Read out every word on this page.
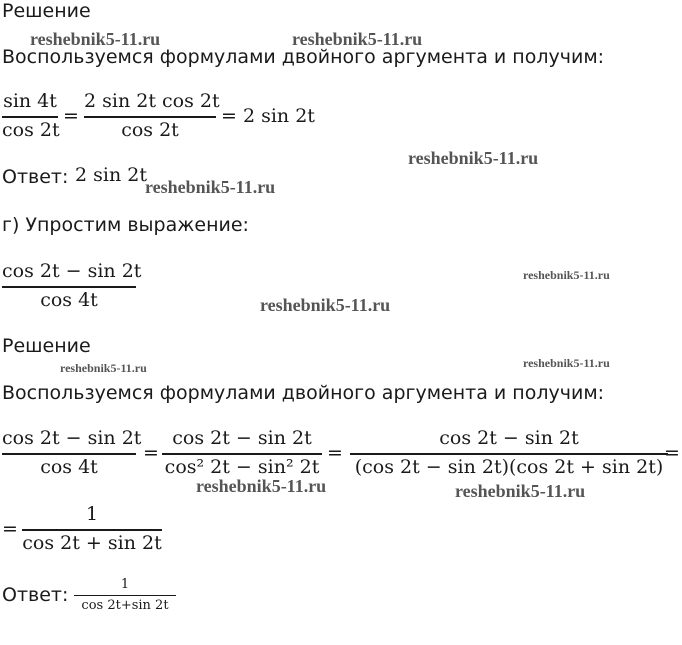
Решение
reshebnik5-11.ru	reshebnik5-11.ru
Воспользуемся формулами двойного аргумента и получим:
sin 4t
cos 2t
=
2 sin 2t cos 2t
cos 2t
= 2 sin 2t
reshebnik5-11.ru
Ответ: 2 sin 2t
reshebnik5-11.ru
г) Упростим выражение:
cos 2t − sin 2t
cos 4t
reshebnik5-11.ru
reshebnik5-11.ru
Решение
reshebnik5-11.ru	reshebnik5-11.ru
Воспользуемся формулами двойного аргумента и получим:
cos 2t − sin 2t
cos 4t
=
cos 2t − sin 2t
cos² 2t − sin² 2t
=
cos 2t − sin 2t
(cos 2t − sin 2t)(cos 2t + sin 2t)
=
reshebnik5-11.ru	reshebnik5-11.ru
=
1
cos 2t + sin 2t
Ответ:	1
cos 2t+sin 2t
